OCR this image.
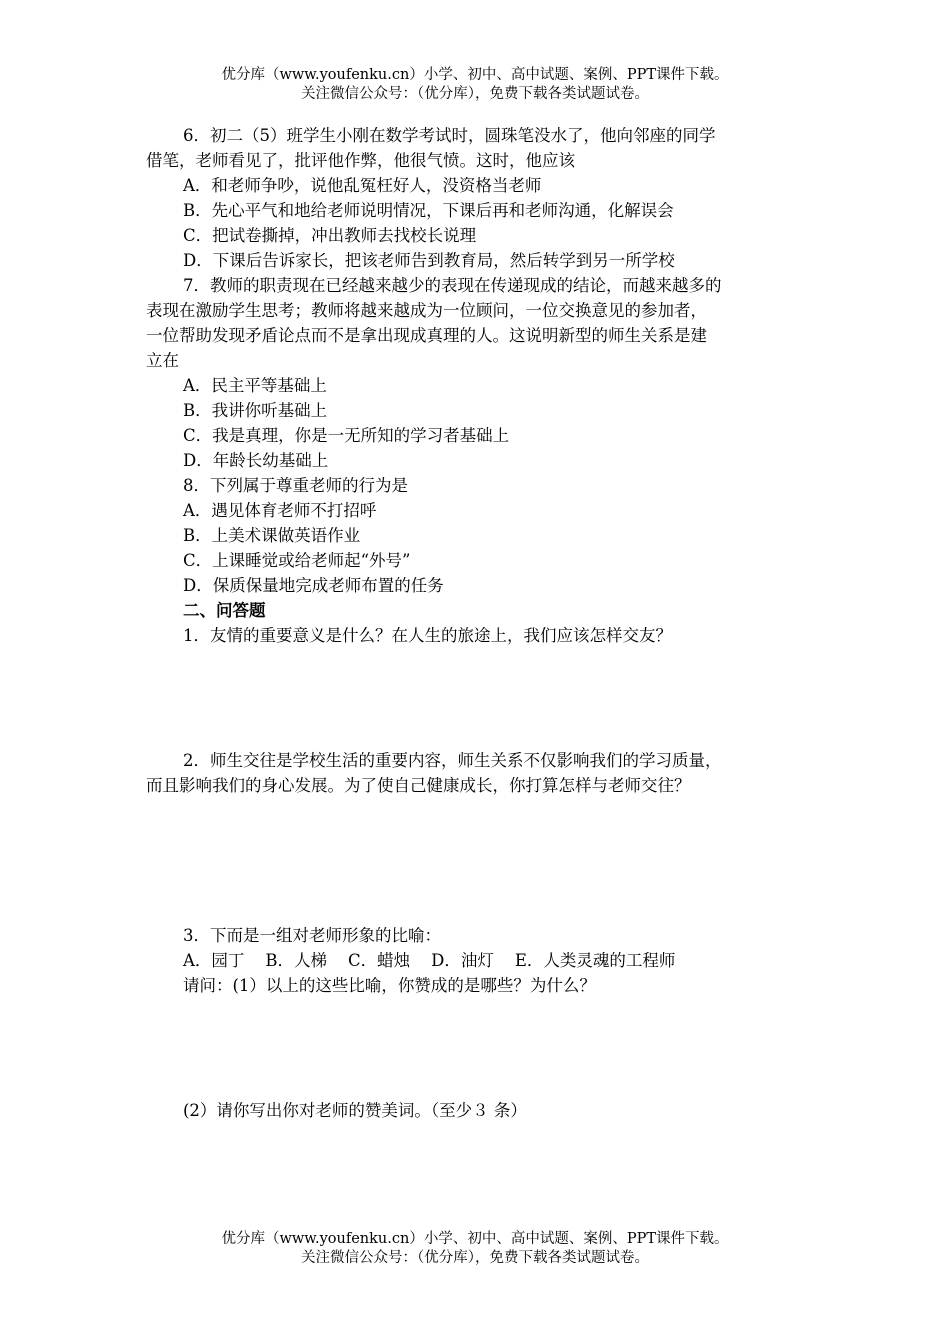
优分库（www.youfenku.cn）小学、初中、高中试题、案例、PPT课件下载。
关注微信公众号：（优分库），免费下载各类试题试卷。
6．初二（5）班学生小刚在数学考试时，圆珠笔没水了，他向邻座的同学
借笔，老师看见了，批评他作弊，他很气愤。这时，他应该
A．和老师争吵，说他乱冤枉好人，没资格当老师
B．先心平气和地给老师说明情况，下课后再和老师沟通，化解误会
C．把试卷撕掉，冲出教师去找校长说理
D．下课后告诉家长，把该老师告到教育局，然后转学到另一所学校
7．教师的职责现在已经越来越少的表现在传递现成的结论，而越来越多的
表现在激励学生思考；教师将越来越成为一位顾问，一位交换意见的参加者，
一位帮助发现矛盾论点而不是拿出现成真理的人。这说明新型的师生关系是建
立在
A．民主平等基础上
B．我讲你听基础上
C．我是真理，你是一无所知的学习者基础上
D．年龄长幼基础上
8．下列属于尊重老师的行为是
A．遇见体育老师不打招呼
B．上美术课做英语作业
C．上课睡觉或给老师起“外号”
D．保质保量地完成老师布置的任务
二、问答题
1．友情的重要意义是什么？在人生的旅途上，我们应该怎样交友？
2．师生交往是学校生活的重要内容，师生关系不仅影响我们的学习质量，
而且影响我们的身心发展。为了使自己健康成长，你打算怎样与老师交往？
3．下而是一组对老师形象的比喻：
A．园丁    B．人梯    C．蜡烛    D．油灯    E．人类灵魂的工程师
请问：(1）以上的这些比喻，你赞成的是哪些？为什么？
(2）请你写出你对老师的赞美词。（至少３ 条）
优分库（www.youfenku.cn）小学、初中、高中试题、案例、PPT课件下载。
关注微信公众号：（优分库），免费下载各类试题试卷。
